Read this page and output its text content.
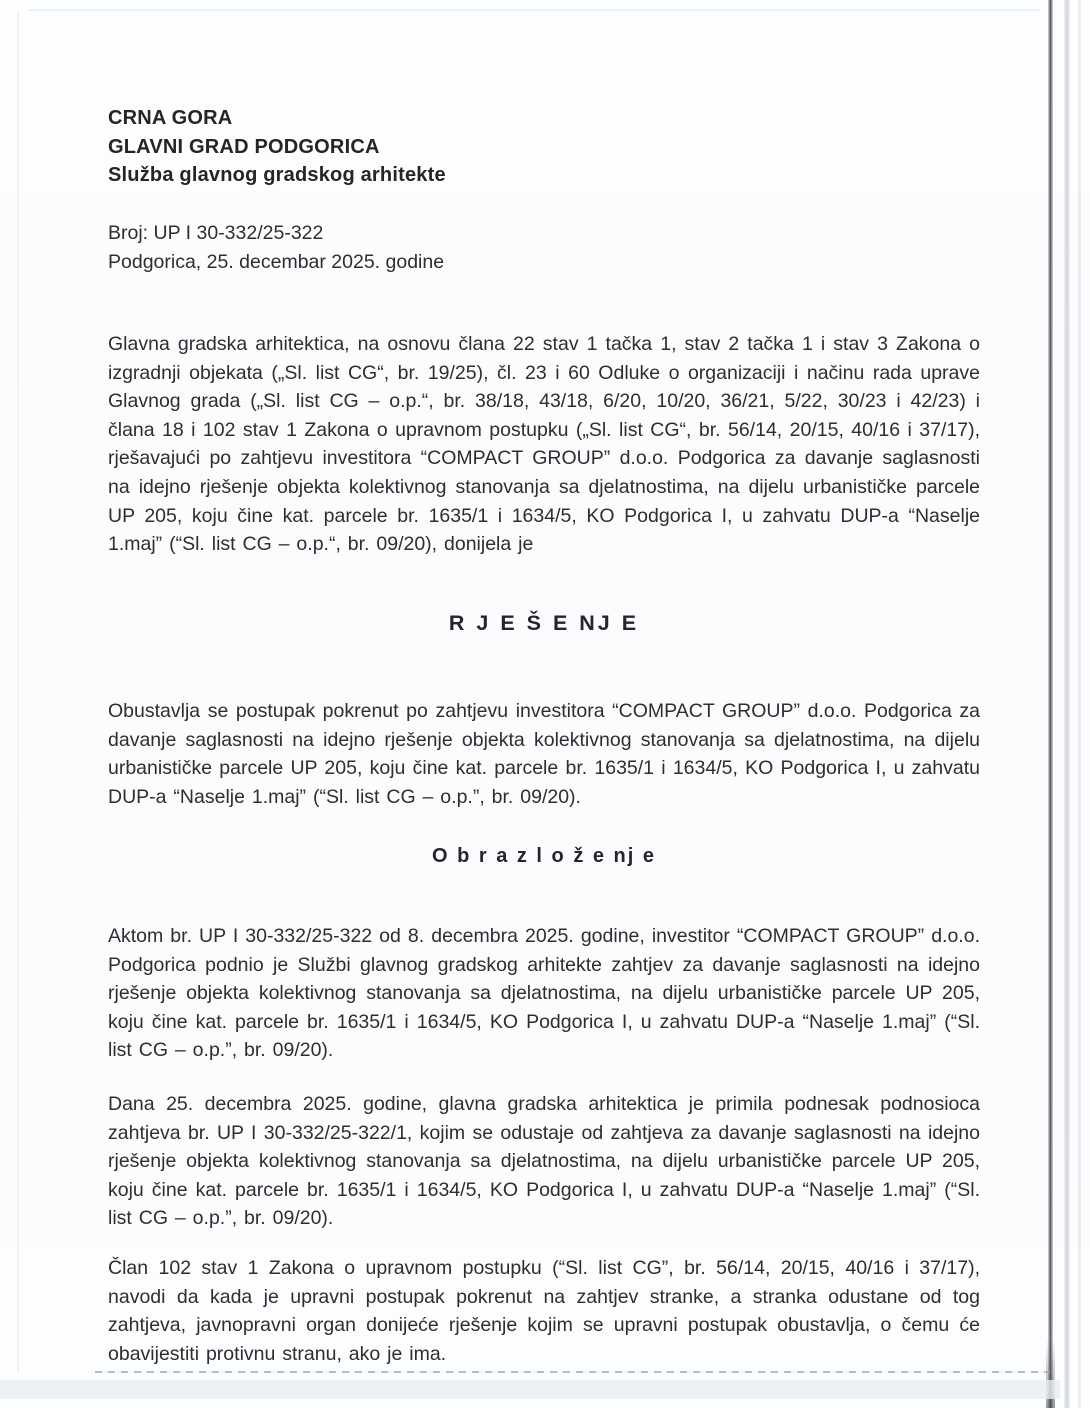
CRNA GORA
GLAVNI GRAD PODGORICA
Služba glavnog gradskog arhitekte
Broj: UP I 30-332/25-322
Podgorica, 25. decembar 2025. godine

Glavna gradska arhitektica, na osnovu člana 22 stav 1 tačka 1, stav 2 tačka 1 i stav 3 Zakona o izgradnji objekata („Sl. list CG“, br. 19/25), čl. 23 i 60 Odluke o organizaciji i načinu rada uprave Glavnog grada („Sl. list CG – o.p.“, br. 38/18, 43/18, 6/20, 10/20, 36/21, 5/22, 30/23 i 42/23) i člana 18 i 102 stav 1 Zakona o upravnom postupku („Sl. list CG“, br. 56/14, 20/15, 40/16 i 37/17), rješavajući po zahtjevu investitora “COMPACT GROUP” d.o.o. Podgorica za davanje saglasnosti na idejno rješenje objekta kolektivnog stanovanja sa djelatnostima, na dijelu urbanističke parcele UP 205, koju čine kat. parcele br. 1635/1 i 1634/5, KO Podgorica I, u zahvatu DUP-a “Naselje 1.maj” (“Sl. list CG – o.p.“, br. 09/20), donijela je

R J E Š E NJ E

Obustavlja se postupak pokrenut po zahtjevu investitora “COMPACT GROUP” d.o.o. Podgorica za davanje saglasnosti na idejno rješenje objekta kolektivnog stanovanja sa djelatnostima, na dijelu urbanističke parcele UP 205, koju čine kat. parcele br. 1635/1 i 1634/5, KO Podgorica I, u zahvatu DUP-a “Naselje 1.maj” (“Sl. list CG – o.p.”, br. 09/20).

O b r a z l o ž e nj e

Aktom br. UP I 30-332/25-322 od 8. decembra 2025. godine, investitor “COMPACT GROUP” d.o.o. Podgorica podnio je Službi glavnog gradskog arhitekte zahtjev za davanje saglasnosti na idejno rješenje objekta kolektivnog stanovanja sa djelatnostima, na dijelu urbanističke parcele UP 205, koju čine kat. parcele br. 1635/1 i 1634/5, KO Podgorica I, u zahvatu DUP-a “Naselje 1.maj” (“Sl. list CG – o.p.”, br. 09/20).

Dana 25. decembra 2025. godine, glavna gradska arhitektica je primila podnesak podnosioca zahtjeva br. UP I 30-332/25-322/1, kojim se odustaje od zahtjeva za davanje saglasnosti na idejno rješenje objekta kolektivnog stanovanja sa djelatnostima, na dijelu urbanističke parcele UP 205, koju čine kat. parcele br. 1635/1 i 1634/5, KO Podgorica I, u zahvatu DUP-a “Naselje 1.maj” (“Sl. list CG – o.p.”, br. 09/20).

Član 102 stav 1 Zakona o upravnom postupku (“Sl. list CG”, br. 56/14, 20/15, 40/16 i 37/17), navodi da kada je upravni postupak pokrenut na zahtjev stranke, a stranka odustane od tog zahtjeva, javnopravni organ donijeće rješenje kojim se upravni postupak obustavlja, o čemu će obavijestiti protivnu stranu, ako je ima.
